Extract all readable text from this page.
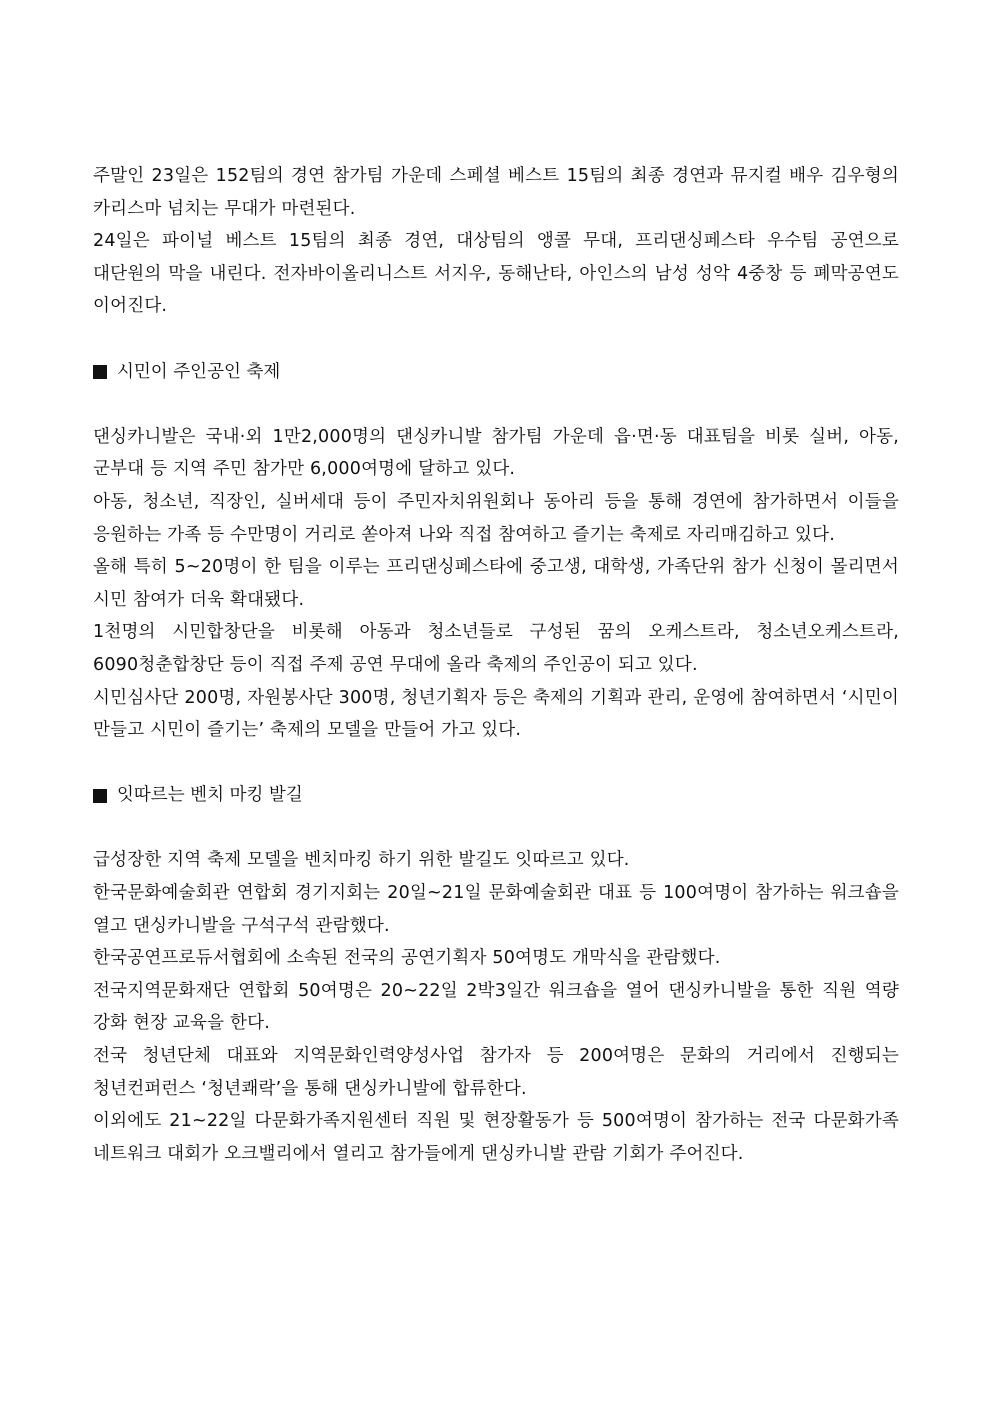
주말인 23일은 152팀의 경연 참가팀 가운데 스페셜 베스트 15팀의 최종 경연과 뮤지컬 배우 김우형의 카리스마 넘치는 무대가 마련된다.

24일은 파이널 베스트 15팀의 최종 경연, 대상팀의 앵콜 무대, 프리댄싱페스타 우수팀 공연으로 대단원의 막을 내린다. 전자바이올리니스트 서지우, 동해난타, 아인스의 남성 성악 4중창 등 폐막공연도 이어진다.

시민이 주인공인 축제

댄싱카니발은 국내·외 1만2,000명의 댄싱카니발 참가팀 가운데 읍·면·동 대표팀을 비롯 실버, 아동, 군부대 등 지역 주민 참가만 6,000여명에 달하고 있다.

아동, 청소년, 직장인, 실버세대 등이 주민자치위원회나 동아리 등을 통해 경연에 참가하면서 이들을 응원하는 가족 등 수만명이 거리로 쏟아져 나와 직접 참여하고 즐기는 축제로 자리매김하고 있다.

올해 특히 5~20명이 한 팀을 이루는 프리댄싱페스타에 중고생, 대학생, 가족단위 참가 신청이 몰리면서 시민 참여가 더욱 확대됐다.

1천명의 시민합창단을 비롯해 아동과 청소년들로 구성된 꿈의 오케스트라, 청소년오케스트라, 6090청춘합창단 등이 직접 주제 공연 무대에 올라 축제의 주인공이 되고 있다.

시민심사단 200명, 자원봉사단 300명, 청년기획자 등은 축제의 기획과 관리, 운영에 참여하면서 ‘시민이 만들고 시민이 즐기는’ 축제의 모델을 만들어 가고 있다.

잇따르는 벤치 마킹 발길

급성장한 지역 축제 모델을 벤치마킹 하기 위한 발길도 잇따르고 있다.

한국문화예술회관 연합회 경기지회는 20일~21일 문화예술회관 대표 등 100여명이 참가하는 워크숍을 열고 댄싱카니발을 구석구석 관람했다.

한국공연프로듀서협회에 소속된 전국의 공연기획자 50여명도 개막식을 관람했다.

전국지역문화재단 연합회 50여명은 20~22일 2박3일간 워크숍을 열어 댄싱카니발을 통한 직원 역량 강화 현장 교육을 한다.

전국 청년단체 대표와 지역문화인력양성사업 참가자 등 200여명은 문화의 거리에서 진행되는 청년컨퍼런스 ‘청년쾌락’을 통해 댄싱카니발에 합류한다.

이외에도 21~22일 다문화가족지원센터 직원 및 현장활동가 등 500여명이 참가하는 전국 다문화가족 네트워크 대회가 오크밸리에서 열리고 참가들에게 댄싱카니발 관람 기회가 주어진다.
